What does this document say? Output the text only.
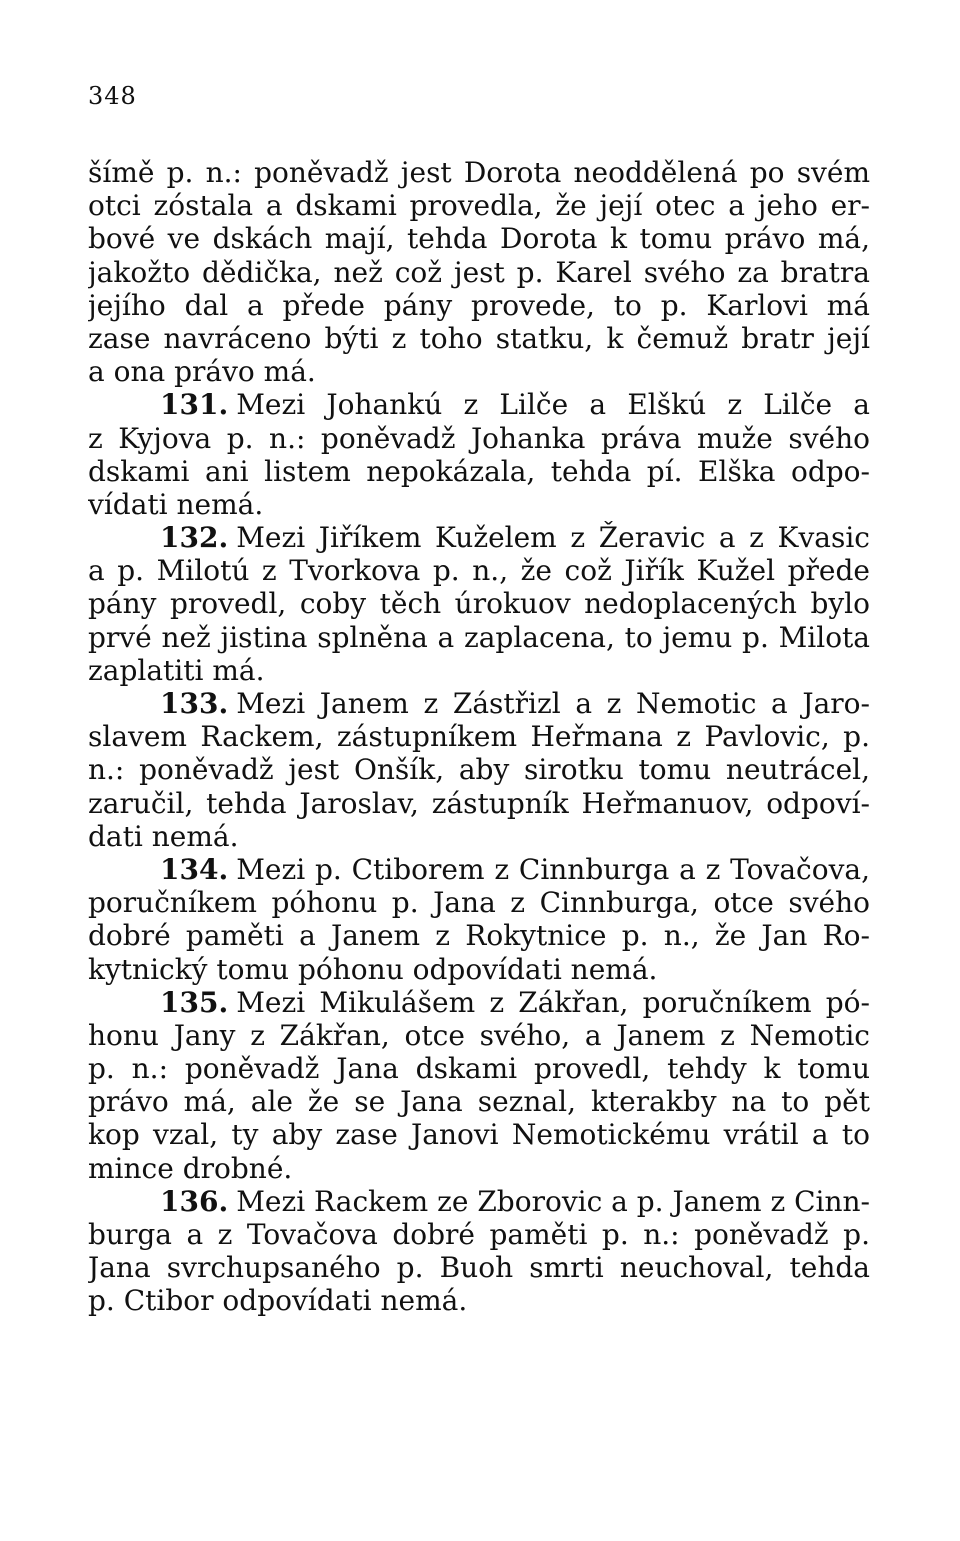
348
šímě p. n.: poněvadž jest Dorota neoddělená po svém
otci zóstala a dskami provedla, že její otec a jeho er-
bové ve dskách mají, tehda Dorota k tomu právo má,
jakožto dědička, než což jest p. Karel svého za bratra
jejího dal a přede pány provede, to p. Karlovi má
zase navráceno býti z toho statku, k čemuž bratr její
a ona právo má.
131. Mezi Johankú z Lilče a Elškú z Lilče a
z Kyjova p. n.: poněvadž Johanka práva muže svého
dskami ani listem nepokázala, tehda pí. Elška odpo-
vídati nemá.
132. Mezi Jiříkem Kuželem z Žeravic a z Kvasic
a p. Milotú z Tvorkova p. n., že což Jiřík Kužel přede
pány provedl, coby těch úrokuov nedoplacených bylo
prvé než jistina splněna a zaplacena, to jemu p. Milota
zaplatiti má.
133. Mezi Janem z Zástřizl a z Nemotic a Jaro-
slavem Rackem, zástupníkem Heřmana z Pavlovic, p.
n.: poněvadž jest Onšík, aby sirotku tomu neutrácel,
zaručil, tehda Jaroslav, zástupník Heřmanuov, odpoví-
dati nemá.
134. Mezi p. Ctiborem z Cinnburga a z Tovačova,
poručníkem póhonu p. Jana z Cinnburga, otce svého
dobré paměti a Janem z Rokytnice p. n., že Jan Ro-
kytnický tomu póhonu odpovídati nemá.
135. Mezi Mikulášem z Zákřan, poručníkem pó-
honu Jany z Zákřan, otce svého, a Janem z Nemotic
p. n.: poněvadž Jana dskami provedl, tehdy k tomu
právo má, ale že se Jana seznal, kterakby na to pět
kop vzal, ty aby zase Janovi Nemotickému vrátil a to
mince drobné.
136. Mezi Rackem ze Zborovic a p. Janem z Cinn-
burga a z Tovačova dobré paměti p. n.: poněvadž p.
Jana svrchupsaného p. Buoh smrti neuchoval, tehda
p. Ctibor odpovídati nemá.
